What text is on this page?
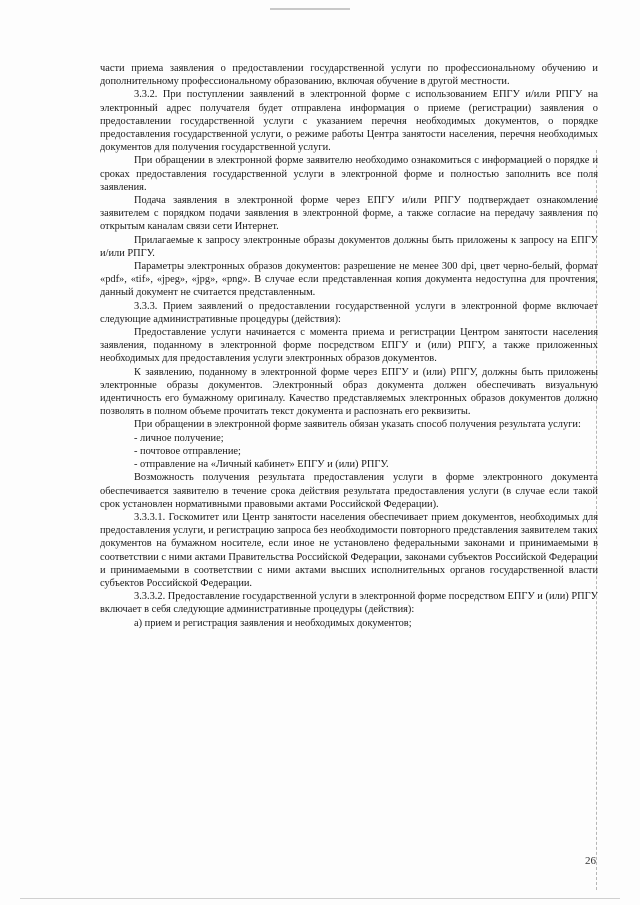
части приема заявления о предоставлении государственной услуги по профессиональному обучению и дополнительному профессиональному образованию, включая обучение в другой местности.

3.3.2. При поступлении заявлений в электронной форме с использованием ЕПГУ и/или РПГУ на электронный адрес получателя будет отправлена информация о приеме (регистрации) заявления о предоставлении государственной услуги с указанием перечня необходимых документов, о порядке предоставления государственной услуги, о режиме работы Центра занятости населения, перечня необходимых документов для получения государственной услуги.

При обращении в электронной форме заявителю необходимо ознакомиться с информацией о порядке и сроках предоставления государственной услуги в электронной форме и полностью заполнить все поля заявления.

Подача заявления в электронной форме через ЕПГУ и/или РПГУ подтверждает ознакомление заявителем с порядком подачи заявления в электронной форме, а также согласие на передачу заявления по открытым каналам связи сети Интернет.

Прилагаемые к запросу электронные образы документов должны быть приложены к запросу на ЕПГУ и/или РПГУ.

Параметры электронных образов документов: разрешение не менее 300 dpi, цвет черно-белый, формат «pdf», «tif», «jpeg», «jpg», «png». В случае если представленная копия документа недоступна для прочтения, данный документ не считается представленным.

3.3.3. Прием заявлений о предоставлении государственной услуги в электронной форме включает следующие административные процедуры (действия):

Предоставление услуги начинается с момента приема и регистрации Центром занятости населения заявления, поданному в электронной форме посредством ЕПГУ и (или) РПГУ, а также приложенных необходимых для предоставления услуги электронных образов документов.

К заявлению, поданному в электронной форме через ЕПГУ и (или) РПГУ, должны быть приложены электронные образы документов. Электронный образ документа должен обеспечивать визуальную идентичность его бумажному оригиналу. Качество представляемых электронных образов документов должно позволять в полном объеме прочитать текст документа и распознать его реквизиты.

При обращении в электронной форме заявитель обязан указать способ получения результата услуги:

- личное получение;

- почтовое отправление;

- отправление на «Личный кабинет» ЕПГУ и (или) РПГУ.

Возможность получения результата предоставления услуги в форме электронного документа обеспечивается заявителю в течение срока действия результата предоставления услуги (в случае если такой срок установлен нормативными правовыми актами Российской Федерации).

3.3.3.1. Госкомитет или Центр занятости населения обеспечивает прием документов, необходимых для предоставления услуги, и регистрацию запроса без необходимости повторного представления заявителем таких документов на бумажном носителе, если иное не установлено федеральными законами и принимаемыми в соответствии с ними актами Правительства Российской Федерации, законами субъектов Российской Федерации и принимаемыми в соответствии с ними актами высших исполнительных органов государственной власти субъектов Российской Федерации.

3.3.3.2. Предоставление государственной услуги в электронной форме посредством ЕПГУ и (или) РПГУ включает в себя следующие административные процедуры (действия):

а) прием и регистрация заявления и необходимых документов;

26
